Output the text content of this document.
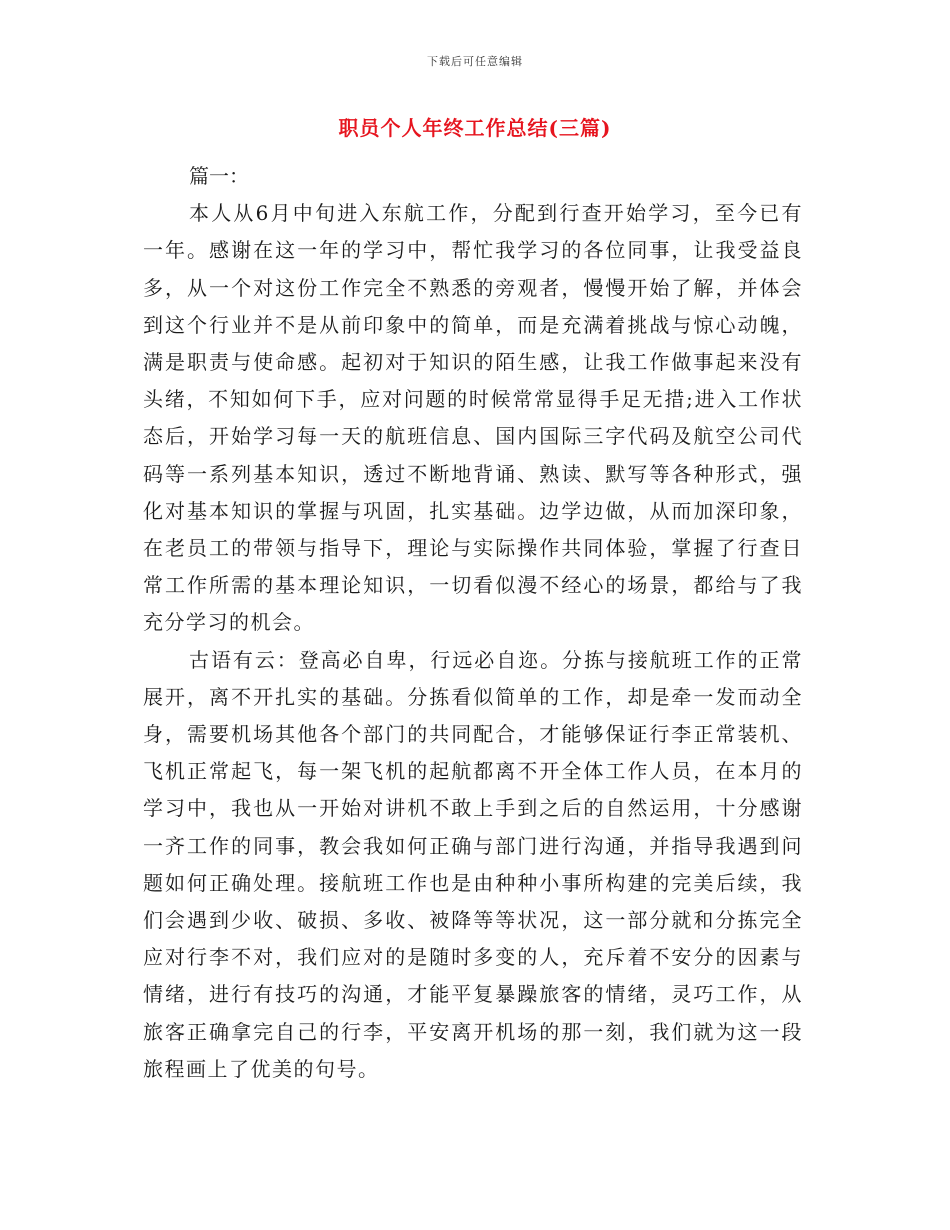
下载后可任意编辑
职员个人年终工作总结(三篇)

篇一：

本人从6月中旬进入东航工作，分配到行查开始学习，至今已有一年。感谢在这一年的学习中，帮忙我学习的各位同事，让我受益良多，从一个对这份工作完全不熟悉的旁观者，慢慢开始了解，并体会到这个行业并不是从前印象中的简单，而是充满着挑战与惊心动魄，满是职责与使命感。起初对于知识的陌生感，让我工作做事起来没有头绪，不知如何下手，应对问题的时候常常显得手足无措;进入工作状态后，开始学习每一天的航班信息、国内国际三字代码及航空公司代码等一系列基本知识，透过不断地背诵、熟读、默写等各种形式，强化对基本知识的掌握与巩固，扎实基础。边学边做，从而加深印象，在老员工的带领与指导下，理论与实际操作共同体验，掌握了行查日常工作所需的基本理论知识，一切看似漫不经心的场景，都给与了我充分学习的机会。

古语有云：登高必自卑，行远必自迩。分拣与接航班工作的正常展开，离不开扎实的基础。分拣看似简单的工作，却是牵一发而动全身，需要机场其他各个部门的共同配合，才能够保证行李正常装机、飞机正常起飞，每一架飞机的起航都离不开全体工作人员，在本月的学习中，我也从一开始对讲机不敢上手到之后的自然运用，十分感谢一齐工作的同事，教会我如何正确与部门进行沟通，并指导我遇到问题如何正确处理。接航班工作也是由种种小事所构建的完美后续，我们会遇到少收、破损、多收、被降等等状况，这一部分就和分拣完全应对行李不对，我们应对的是随时多变的人，充斥着不安分的因素与情绪，进行有技巧的沟通，才能平复暴躁旅客的情绪，灵巧工作，从旅客正确拿完自己的行李，平安离开机场的那一刻，我们就为这一段旅程画上了优美的句号。
